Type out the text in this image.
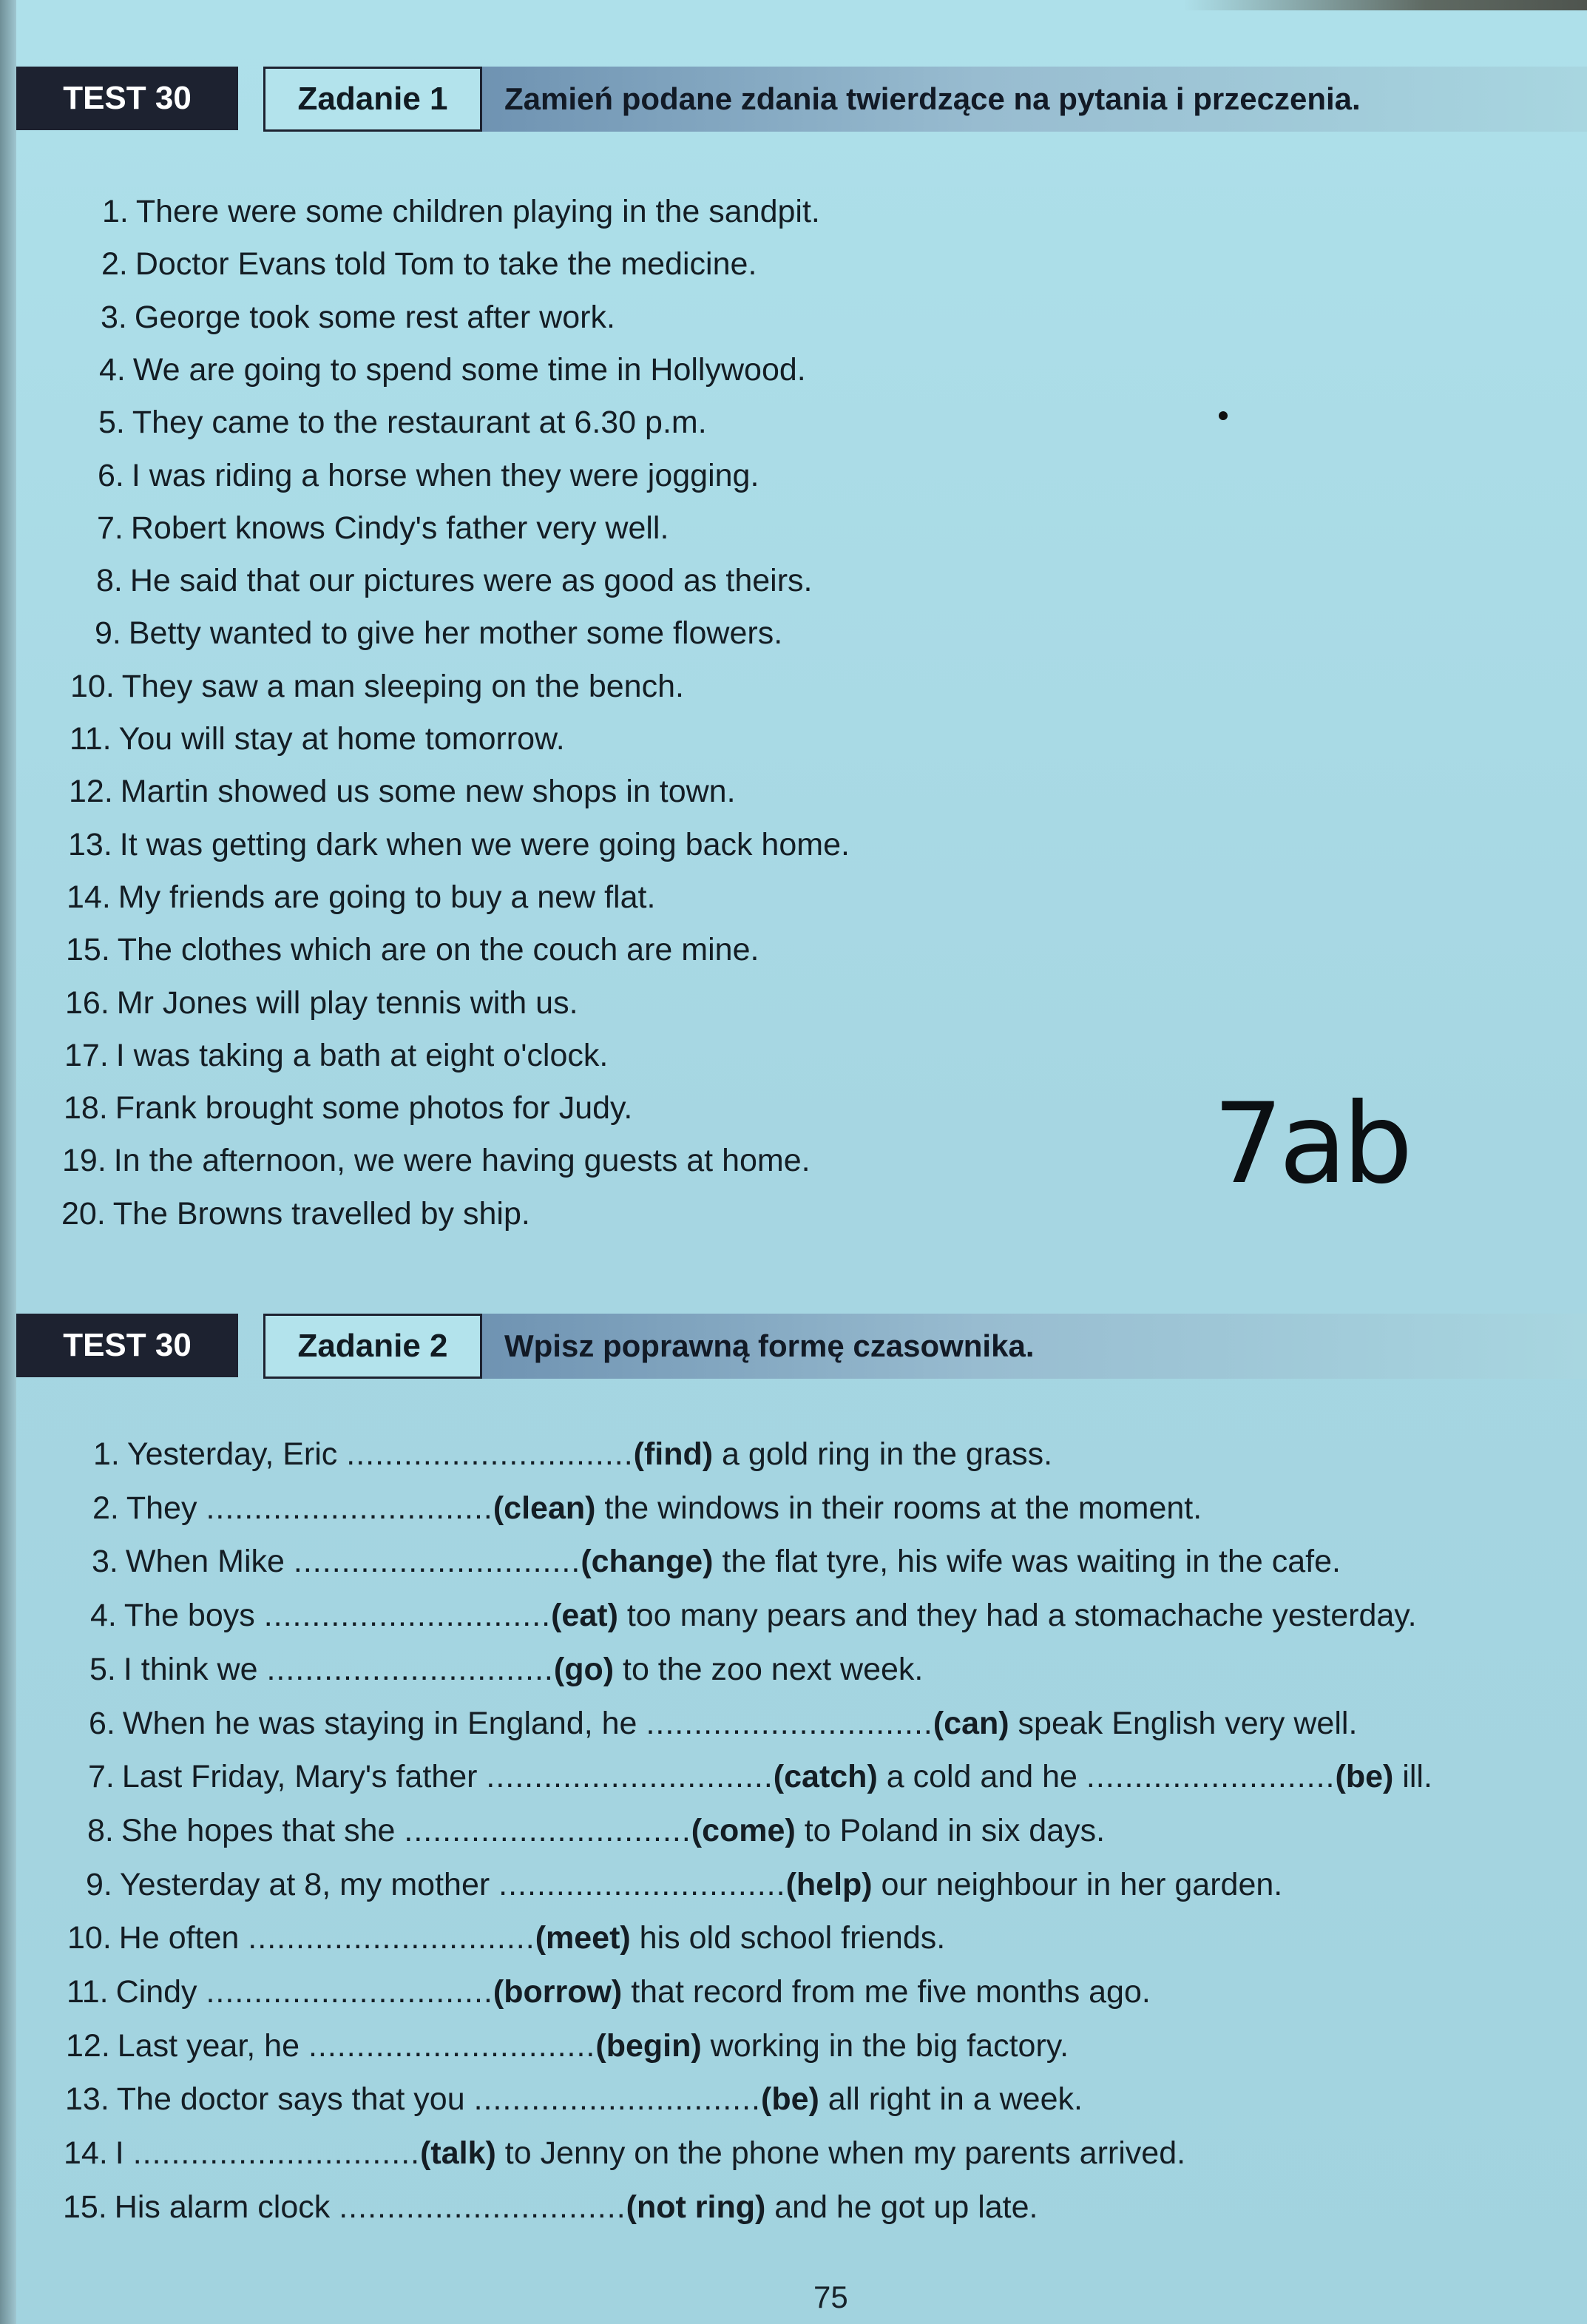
TEST 30	Zadanie 1	Zamień podane zdania twierdzące na pytania i przeczenia.
1. There were some children playing in the sandpit.
2. Doctor Evans told Tom to take the medicine.
3. George took some rest after work.
4. We are going to spend some time in Hollywood.
5. They came to the restaurant at 6.30 p.m.
6. I was riding a horse when they were jogging.
7. Robert knows Cindy's father very well.
8. He said that our pictures were as good as theirs.
9. Betty wanted to give her mother some flowers.
10. They saw a man sleeping on the bench.
11. You will stay at home tomorrow.
12. Martin showed us some new shops in town.
13. It was getting dark when we were going back home.
14. My friends are going to buy a new flat.
15. The clothes which are on the couch are mine.
16. Mr Jones will play tennis with us.
17. I was taking a bath at eight o'clock.
18. Frank brought some photos for Judy.
19. In the afternoon, we were having guests at home.
20. The Browns travelled by ship.
7ab
TEST 30	Zadanie 2	Wpisz poprawną formę czasownika.
1. Yesterday, Eric ..............................(find) a gold ring in the grass.
2. They ..............................(clean) the windows in their rooms at the moment.
3. When Mike ..............................(change) the flat tyre, his wife was waiting in the cafe.
4. The boys ..............................(eat) too many pears and they had a stomachache yesterday.
5. I think we ..............................(go) to the zoo next week.
6. When he was staying in England, he ..............................(can) speak English very well.
7. Last Friday, Mary's father ..............................(catch) a cold and he ..........................(be) ill.
8. She hopes that she ..............................(come) to Poland in six days.
9. Yesterday at 8, my mother ..............................(help) our neighbour in her garden.
10. He often ..............................(meet) his old school friends.
11. Cindy ..............................(borrow) that record from me five months ago.
12. Last year, he ..............................(begin) working in the big factory.
13. The doctor says that you ..............................(be) all right in a week.
14. I ..............................(talk) to Jenny on the phone when my parents arrived.
15. His alarm clock ..............................(not ring) and he got up late.
75
